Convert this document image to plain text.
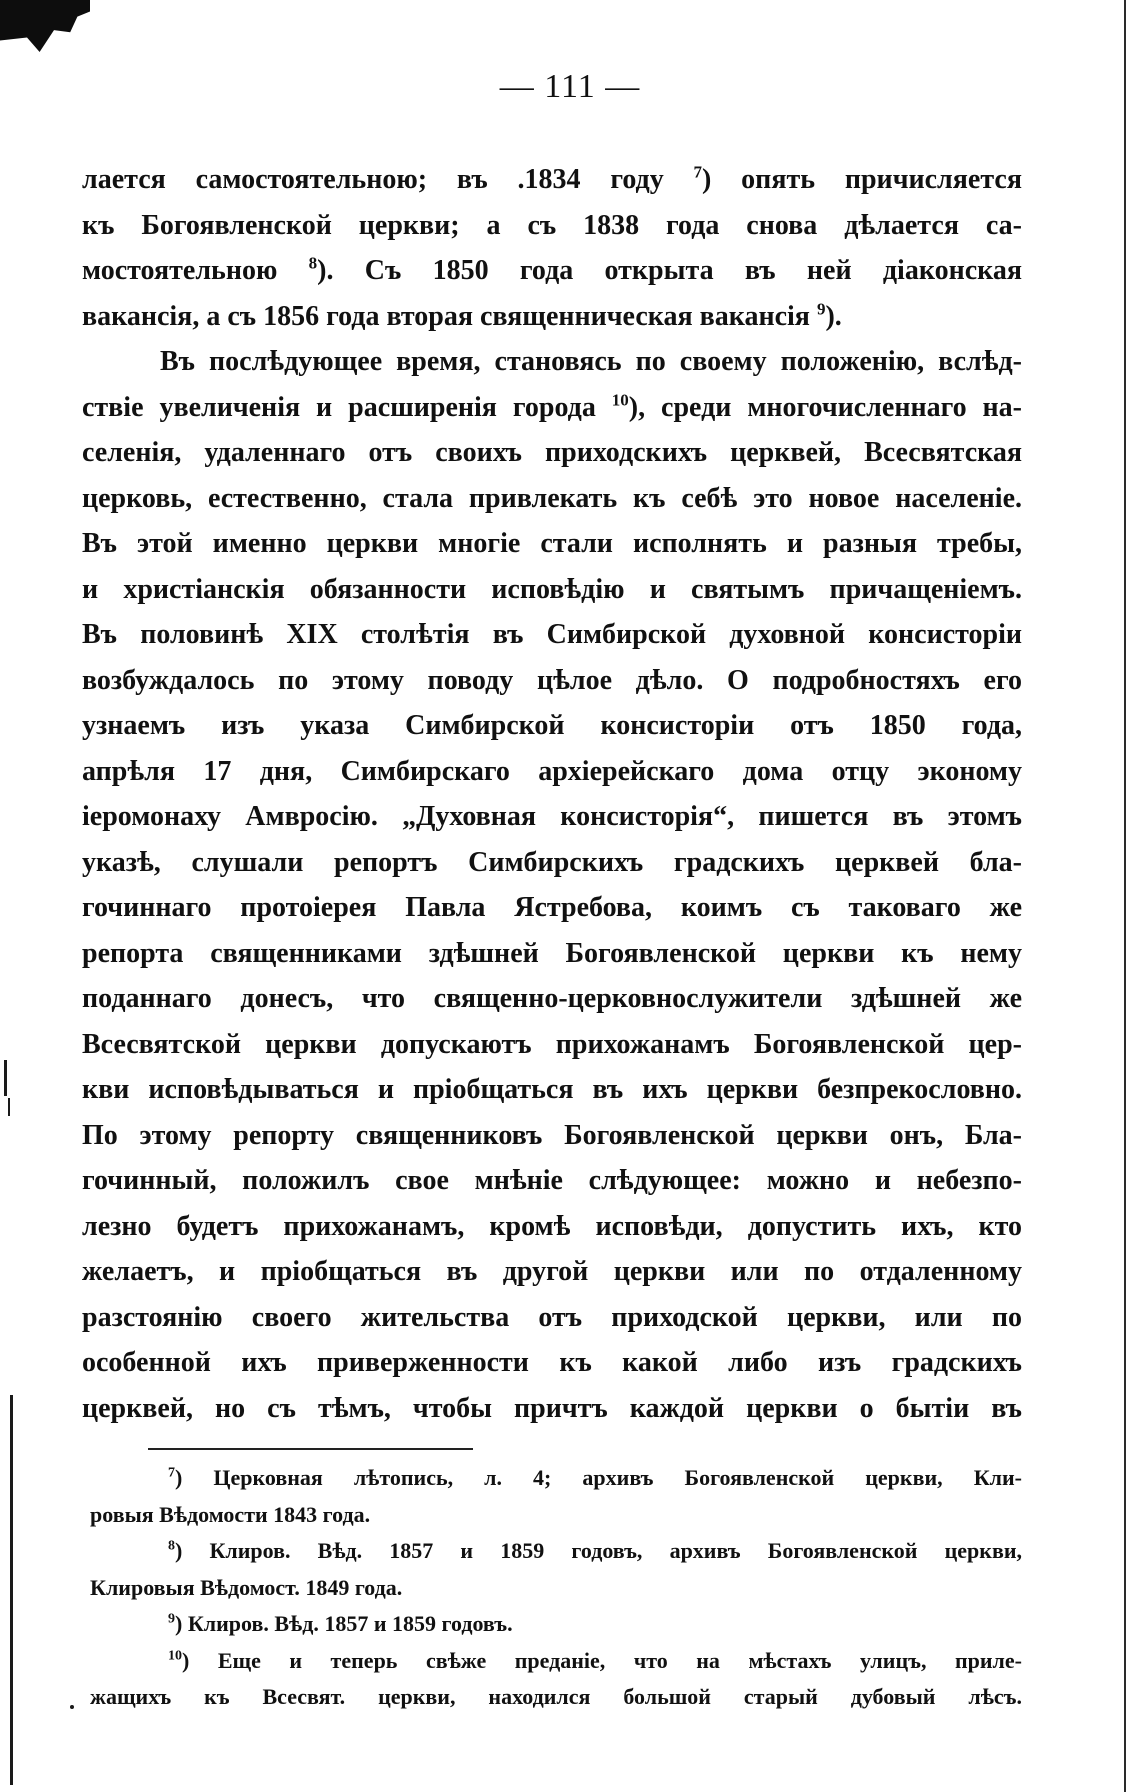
— 111 —
лается самостоятельною; въ .1834 году $^7$) опять причисляется
къ Богоявленской церкви; а съ 1838 года снова дѣлается са-
мостоятельною $^8$). Съ 1850 года открыта въ ней діаконская
вакансія, а съ 1856 года вторая священническая вакансія $^9$).
Въ послѣдующее время, становясь по своему положенію, вслѣд-
ствіе увеличенія и расширенія города $^{10}$), среди многочисленнаго на-
селенія, удаленнаго отъ своихъ приходскихъ церквей, Всесвятская
церковь, естественно, стала привлекать къ себѣ это новое населеніе.
Въ этой именно церкви многіе стали исполнять и разныя требы,
и христіанскія обязанности исповѣдію и святымъ причащеніемъ.
Въ половинѣ XIX столѣтія въ Симбирской духовной консисторіи
возбуждалось по этому поводу цѣлое дѣло. О подробностяхъ его
узнаемъ изъ указа Симбирской консисторіи отъ 1850 года,
апрѣля 17 дня, Симбирскаго архіерейскаго дома отцу эконому
іеромонаху Амвросію. „Духовная консисторія“, пишется въ этомъ
указѣ, слушали репортъ Симбирскихъ градскихъ церквей бла-
гочиннаго протоіерея Павла Ястребова, коимъ съ таковаго же
репорта священниками здѣшней Богоявленской церкви къ нему
поданнаго донесъ, что священно-церковнослужители здѣшней же
Всесвятской церкви допускаютъ прихожанамъ Богоявленской цер-
кви исповѣдываться и пріобщаться въ ихъ церкви безпрекословно.
По этому репорту священниковъ Богоявленской церкви онъ, Бла-
гочинный, положилъ свое мнѣніе слѣдующее: можно и небезпо-
лезно будетъ прихожанамъ, кромѣ исповѣди, допустить ихъ, кто
желаетъ, и пріобщаться въ другой церкви или по отдаленному
разстоянію своего жительства отъ приходской церкви, или по
особенной ихъ приверженности къ какой либо изъ градскихъ
церквей, но съ тѣмъ, чтобы причтъ каждой церкви о бытіи въ
$^7$) Церковная лѣтопись, л. 4; архивъ Богоявленской церкви, Кли-
ровыя Вѣдомости 1843 года.
$^8$) Клиров. Вѣд. 1857 и 1859 годовъ, архивъ Богоявленской церкви,
Клировыя Вѣдомост. 1849 года.
$^9$) Клиров. Вѣд. 1857 и 1859 годовъ.
$^{10}$) Еще и теперь свѣже преданіе, что на мѣстахъ улицъ, приле-
жащихъ къ Всесвят. церкви, находился большой старый дубовый лѣсъ.
